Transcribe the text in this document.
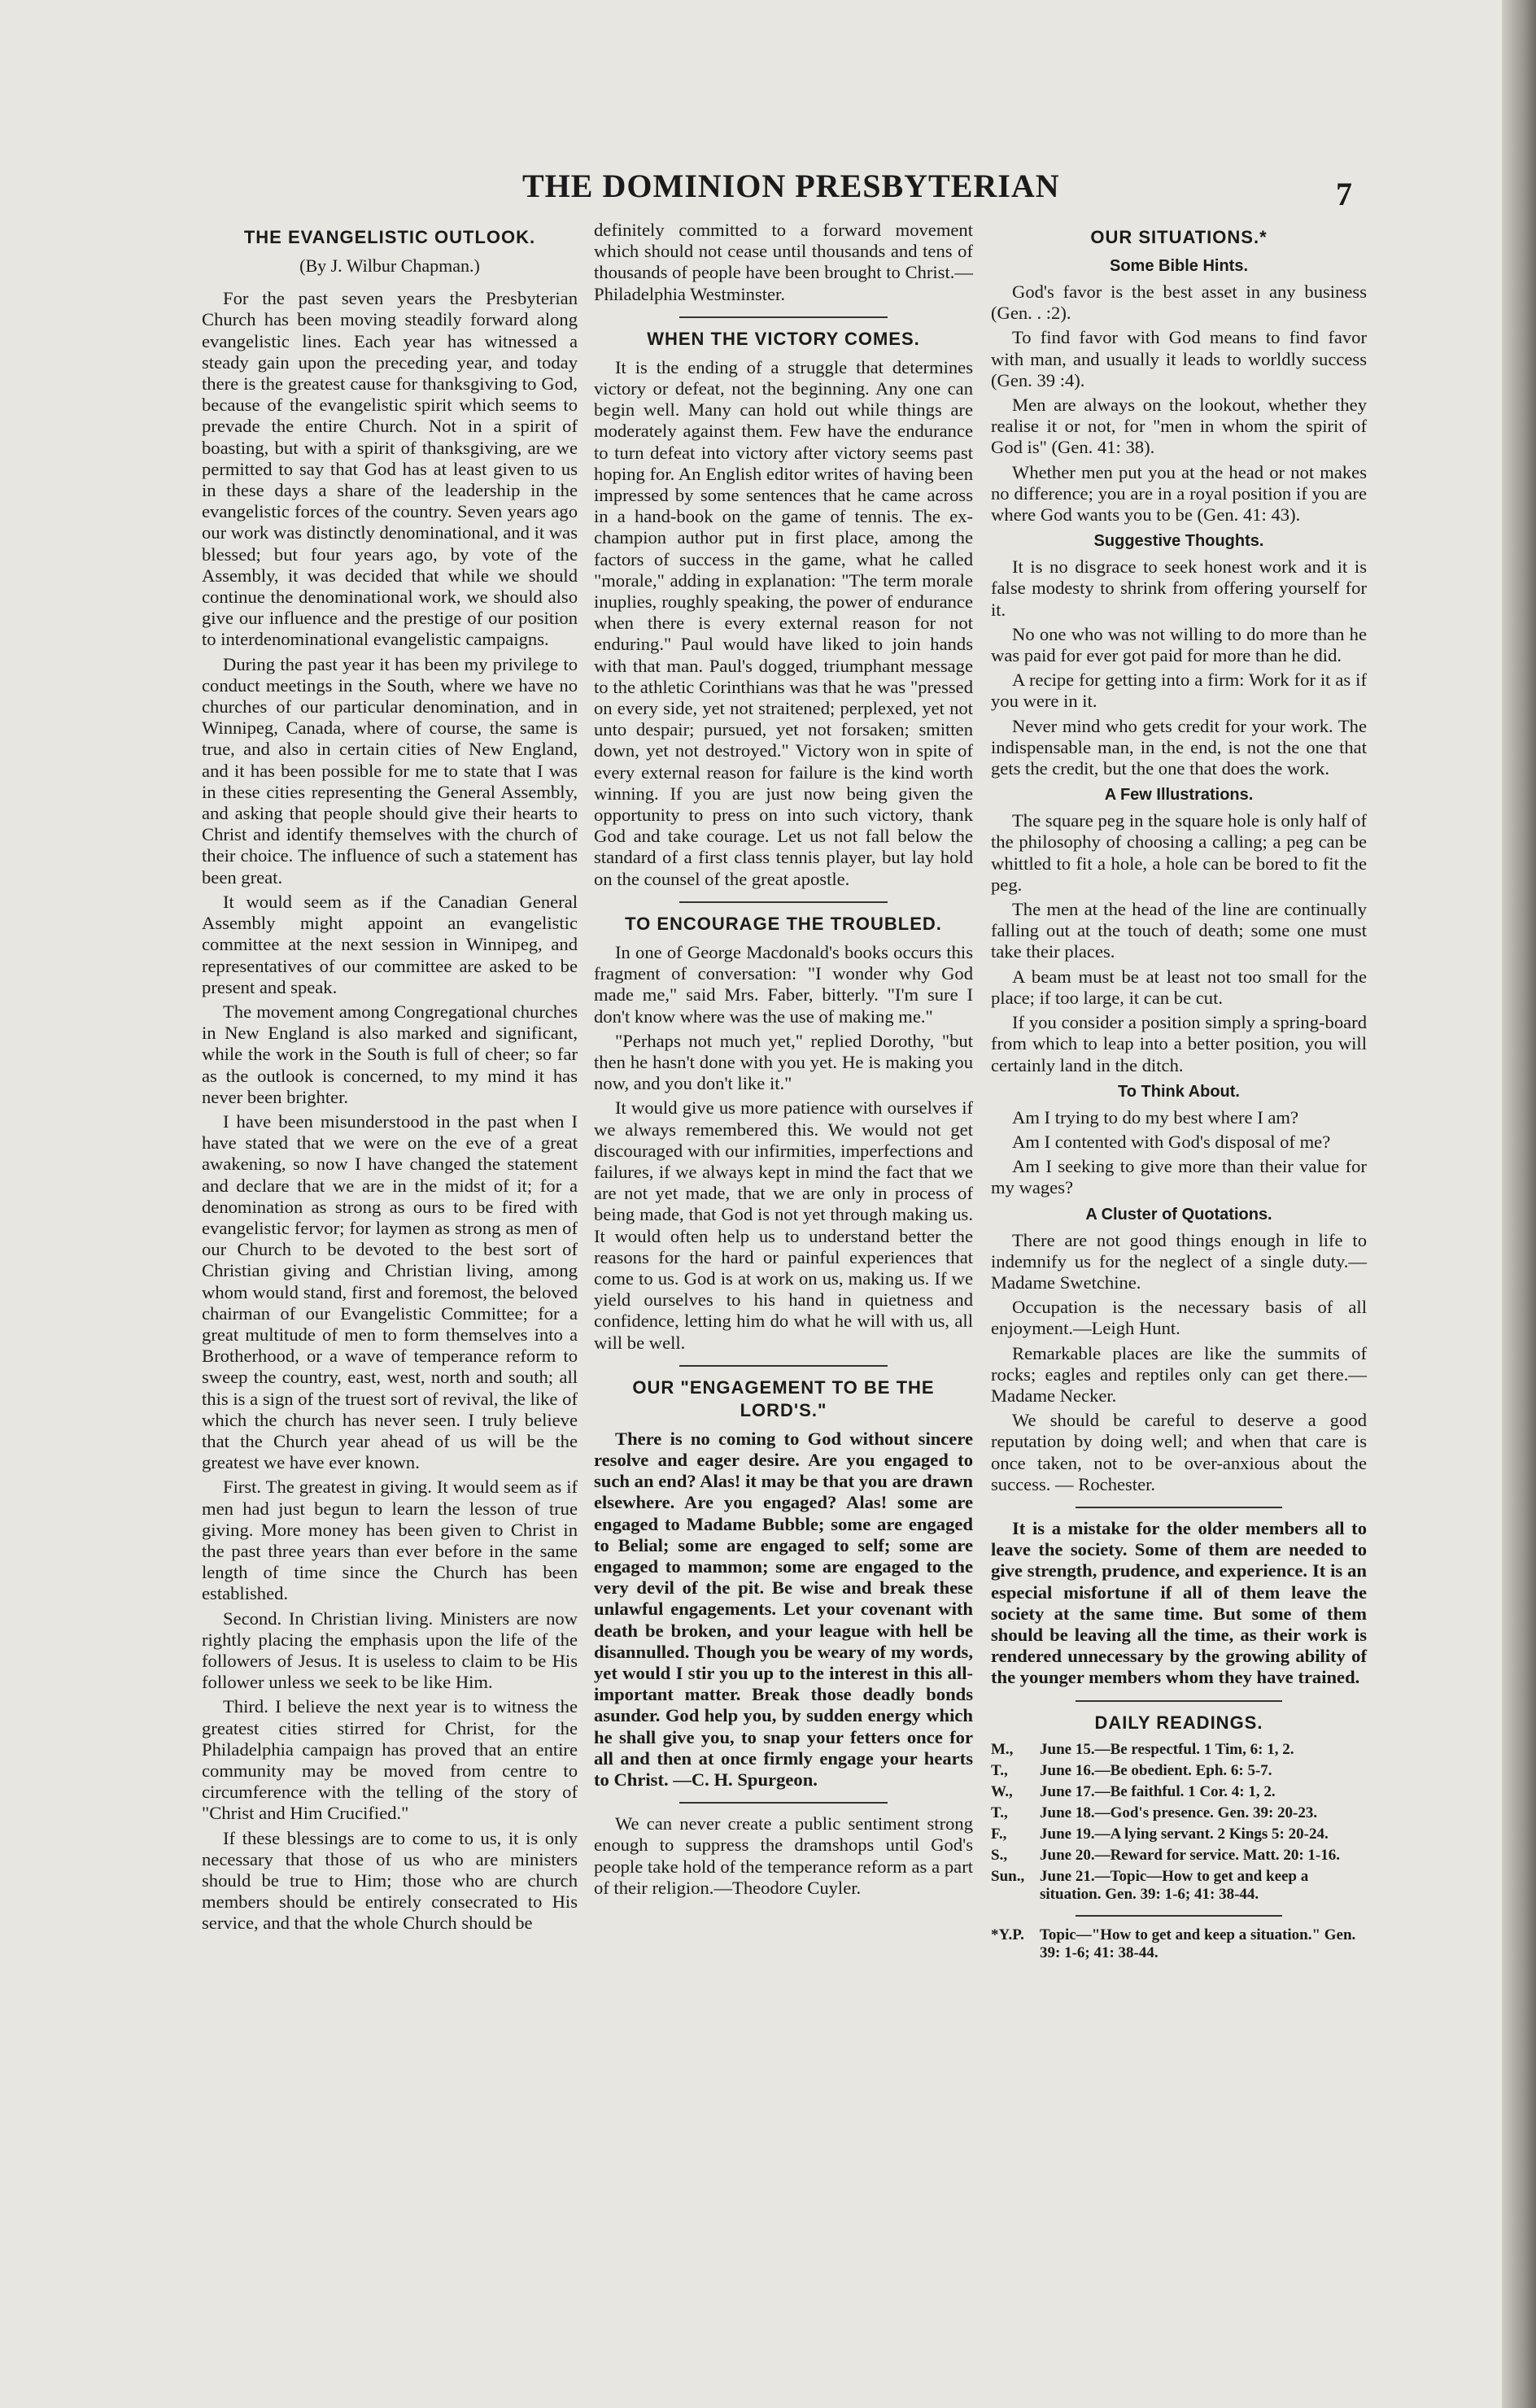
THE DOMINION PRESBYTERIAN	7
THE EVANGELISTIC OUTLOOK.
(By J. Wilbur Chapman.)

For the past seven years the Presbyterian Church has been moving steadily forward along evangelistic lines. Each year has witnessed a steady gain upon the preceding year, and today there is the greatest cause for thanksgiving to God, because of the evangelistic spirit which seems to prevade the entire Church. Not in a spirit of boasting, but with a spirit of thanksgiving, are we permitted to say that God has at least given to us in these days a share of the leadership in the evangelistic forces of the country. Seven years ago our work was distinctly denominational, and it was blessed; but four years ago, by vote of the Assembly, it was decided that while we should continue the denominational work, we should also give our influence and the prestige of our position to interdenominational evangelistic campaigns.

During the past year it has been my privilege to conduct meetings in the South, where we have no churches of our particular denomination, and in Winnipeg, Canada, where of course, the same is true, and also in certain cities of New England, and it has been possible for me to state that I was in these cities representing the General Assembly, and asking that people should give their hearts to Christ and identify themselves with the church of their choice. The influence of such a statement has been great.

It would seem as if the Canadian General Assembly might appoint an evangelistic committee at the next session in Winnipeg, and representatives of our committee are asked to be present and speak.

The movement among Congregational churches in New England is also marked and significant, while the work in the South is full of cheer; so far as the outlook is concerned, to my mind it has never been brighter.

I have been misunderstood in the past when I have stated that we were on the eve of a great awakening, so now I have changed the statement and declare that we are in the midst of it; for a denomination as strong as ours to be fired with evangelistic fervor; for laymen as strong as men of our Church to be devoted to the best sort of Christian giving and Christian living, among whom would stand, first and foremost, the beloved chairman of our Evangelistic Committee; for a great multitude of men to form themselves into a Brotherhood, or a wave of temperance reform to sweep the country, east, west, north and south; all this is a sign of the truest sort of revival, the like of which the church has never seen. I truly believe that the Church year ahead of us will be the greatest we have ever known.

First. The greatest in giving. It would seem as if men had just begun to learn the lesson of true giving. More money has been given to Christ in the past three years than ever before in the same length of time since the Church has been established.

Second. In Christian living. Ministers are now rightly placing the emphasis upon the life of the followers of Jesus. It is useless to claim to be His follower unless we seek to be like Him.

Third. I believe the next year is to witness the greatest cities stirred for Christ, for the Philadelphia campaign has proved that an entire community may be moved from centre to circumference with the telling of the story of "Christ and Him Crucified."

If these blessings are to come to us, it is only necessary that those of us who are ministers should be true to Him; those who are church members should be entirely consecrated to His service, and that the whole Church should be

definitely committed to a forward movement which should not cease until thousands and tens of thousands of people have been brought to Christ.—Philadelphia Westminster.

WHEN THE VICTORY COMES.

It is the ending of a struggle that determines victory or defeat, not the beginning. Any one can begin well. Many can hold out while things are moderately against them. Few have the endurance to turn defeat into victory after victory seems past hoping for. An English editor writes of having been impressed by some sentences that he came across in a hand-book on the game of tennis. The ex-champion author put in first place, among the factors of success in the game, what he called "morale," adding in explanation: "The term morale inuplies, roughly speaking, the power of endurance when there is every external reason for not enduring." Paul would have liked to join hands with that man. Paul's dogged, triumphant message to the athletic Corinthians was that he was "pressed on every side, yet not straitened; perplexed, yet not unto despair; pursued, yet not forsaken; smitten down, yet not destroyed." Victory won in spite of every external reason for failure is the kind worth winning. If you are just now being given the opportunity to press on into such victory, thank God and take courage. Let us not fall below the standard of a first class tennis player, but lay hold on the counsel of the great apostle.

TO ENCOURAGE THE TROUBLED.

In one of George Macdonald's books occurs this fragment of conversation: "I wonder why God made me," said Mrs. Faber, bitterly. "I'm sure I don't know where was the use of making me."

"Perhaps not much yet," replied Dorothy, "but then he hasn't done with you yet. He is making you now, and you don't like it."

It would give us more patience with ourselves if we always remembered this. We would not get discouraged with our infirmities, imperfections and failures, if we always kept in mind the fact that we are not yet made, that we are only in process of being made, that God is not yet through making us. It would often help us to understand better the reasons for the hard or painful experiences that come to us. God is at work on us, making us. If we yield ourselves to his hand in quietness and confidence, letting him do what he will with us, all will be well.

OUR "ENGAGEMENT TO BE THE LORD'S."

There is no coming to God without sincere resolve and eager desire. Are you engaged to such an end? Alas! it may be that you are drawn elsewhere. Are you engaged? Alas! some are engaged to Madame Bubble; some are engaged to Belial; some are engaged to self; some are engaged to mammon; some are engaged to the very devil of the pit. Be wise and break these unlawful engagements. Let your covenant with death be broken, and your league with hell be disannulled. Though you be weary of my words, yet would I stir you up to the interest in this all-important matter. Break those deadly bonds asunder. God help you, by sudden energy which he shall give you, to snap your fetters once for all and then at once firmly engage your hearts to Christ. —C. H. Spurgeon.

We can never create a public sentiment strong enough to suppress the dramshops until God's people take hold of the temperance reform as a part of their religion.—Theodore Cuyler.

OUR SITUATIONS.*
Some Bible Hints.

God's favor is the best asset in any business (Gen. . :2).

To find favor with God means to find favor with man, and usually it leads to worldly success (Gen. 39 :4).

Men are always on the lookout, whether they realise it or not, for "men in whom the spirit of God is" (Gen. 41: 38).

Whether men put you at the head or not makes no difference; you are in a royal position if you are where God wants you to be (Gen. 41: 43).

Suggestive Thoughts.

It is no disgrace to seek honest work and it is false modesty to shrink from offering yourself for it.

No one who was not willing to do more than he was paid for ever got paid for more than he did.

A recipe for getting into a firm: Work for it as if you were in it.

Never mind who gets credit for your work. The indispensable man, in the end, is not the one that gets the credit, but the one that does the work.

A Few Illustrations.

The square peg in the square hole is only half of the philosophy of choosing a calling; a peg can be whittled to fit a hole, a hole can be bored to fit the peg.

The men at the head of the line are continually falling out at the touch of death; some one must take their places.

A beam must be at least not too small for the place; if too large, it can be cut.

If you consider a position simply a spring-board from which to leap into a better position, you will certainly land in the ditch.

To Think About.

Am I trying to do my best where I am?

Am I contented with God's disposal of me?

Am I seeking to give more than their value for my wages?

A Cluster of Quotations.

There are not good things enough in life to indemnify us for the neglect of a single duty.—Madame Swetchine.

Occupation is the necessary basis of all enjoyment.—Leigh Hunt.

Remarkable places are like the summits of rocks; eagles and reptiles only can get there.—Madame Necker.

We should be careful to deserve a good reputation by doing well; and when that care is once taken, not to be over-anxious about the success. — Rochester.

It is a mistake for the older members all to leave the society. Some of them are needed to give strength, prudence, and experience. It is an especial misfortune if all of them leave the society at the same time. But some of them should be leaving all the time, as their work is rendered unnecessary by the growing ability of the younger members whom they have trained.

DAILY READINGS.
M., June 15.—Be respectful. 1 Tim, 6: 1, 2.
T., June 16.—Be obedient. Eph. 6: 5-7.
W., June 17.—Be faithful. 1 Cor. 4: 1, 2.
T., June 18.—God's presence. Gen. 39: 20-23.
F., June 19.—A lying servant. 2 Kings 5: 20-24.
S., June 20.—Reward for service. Matt. 20: 1-16.
Sun., June 21.—Topic—How to get and keep a situation. Gen. 39: 1-6; 41: 38-44.
*Y.P. Topic—"How to get and keep a situation." Gen. 39: 1-6; 41: 38-44.
